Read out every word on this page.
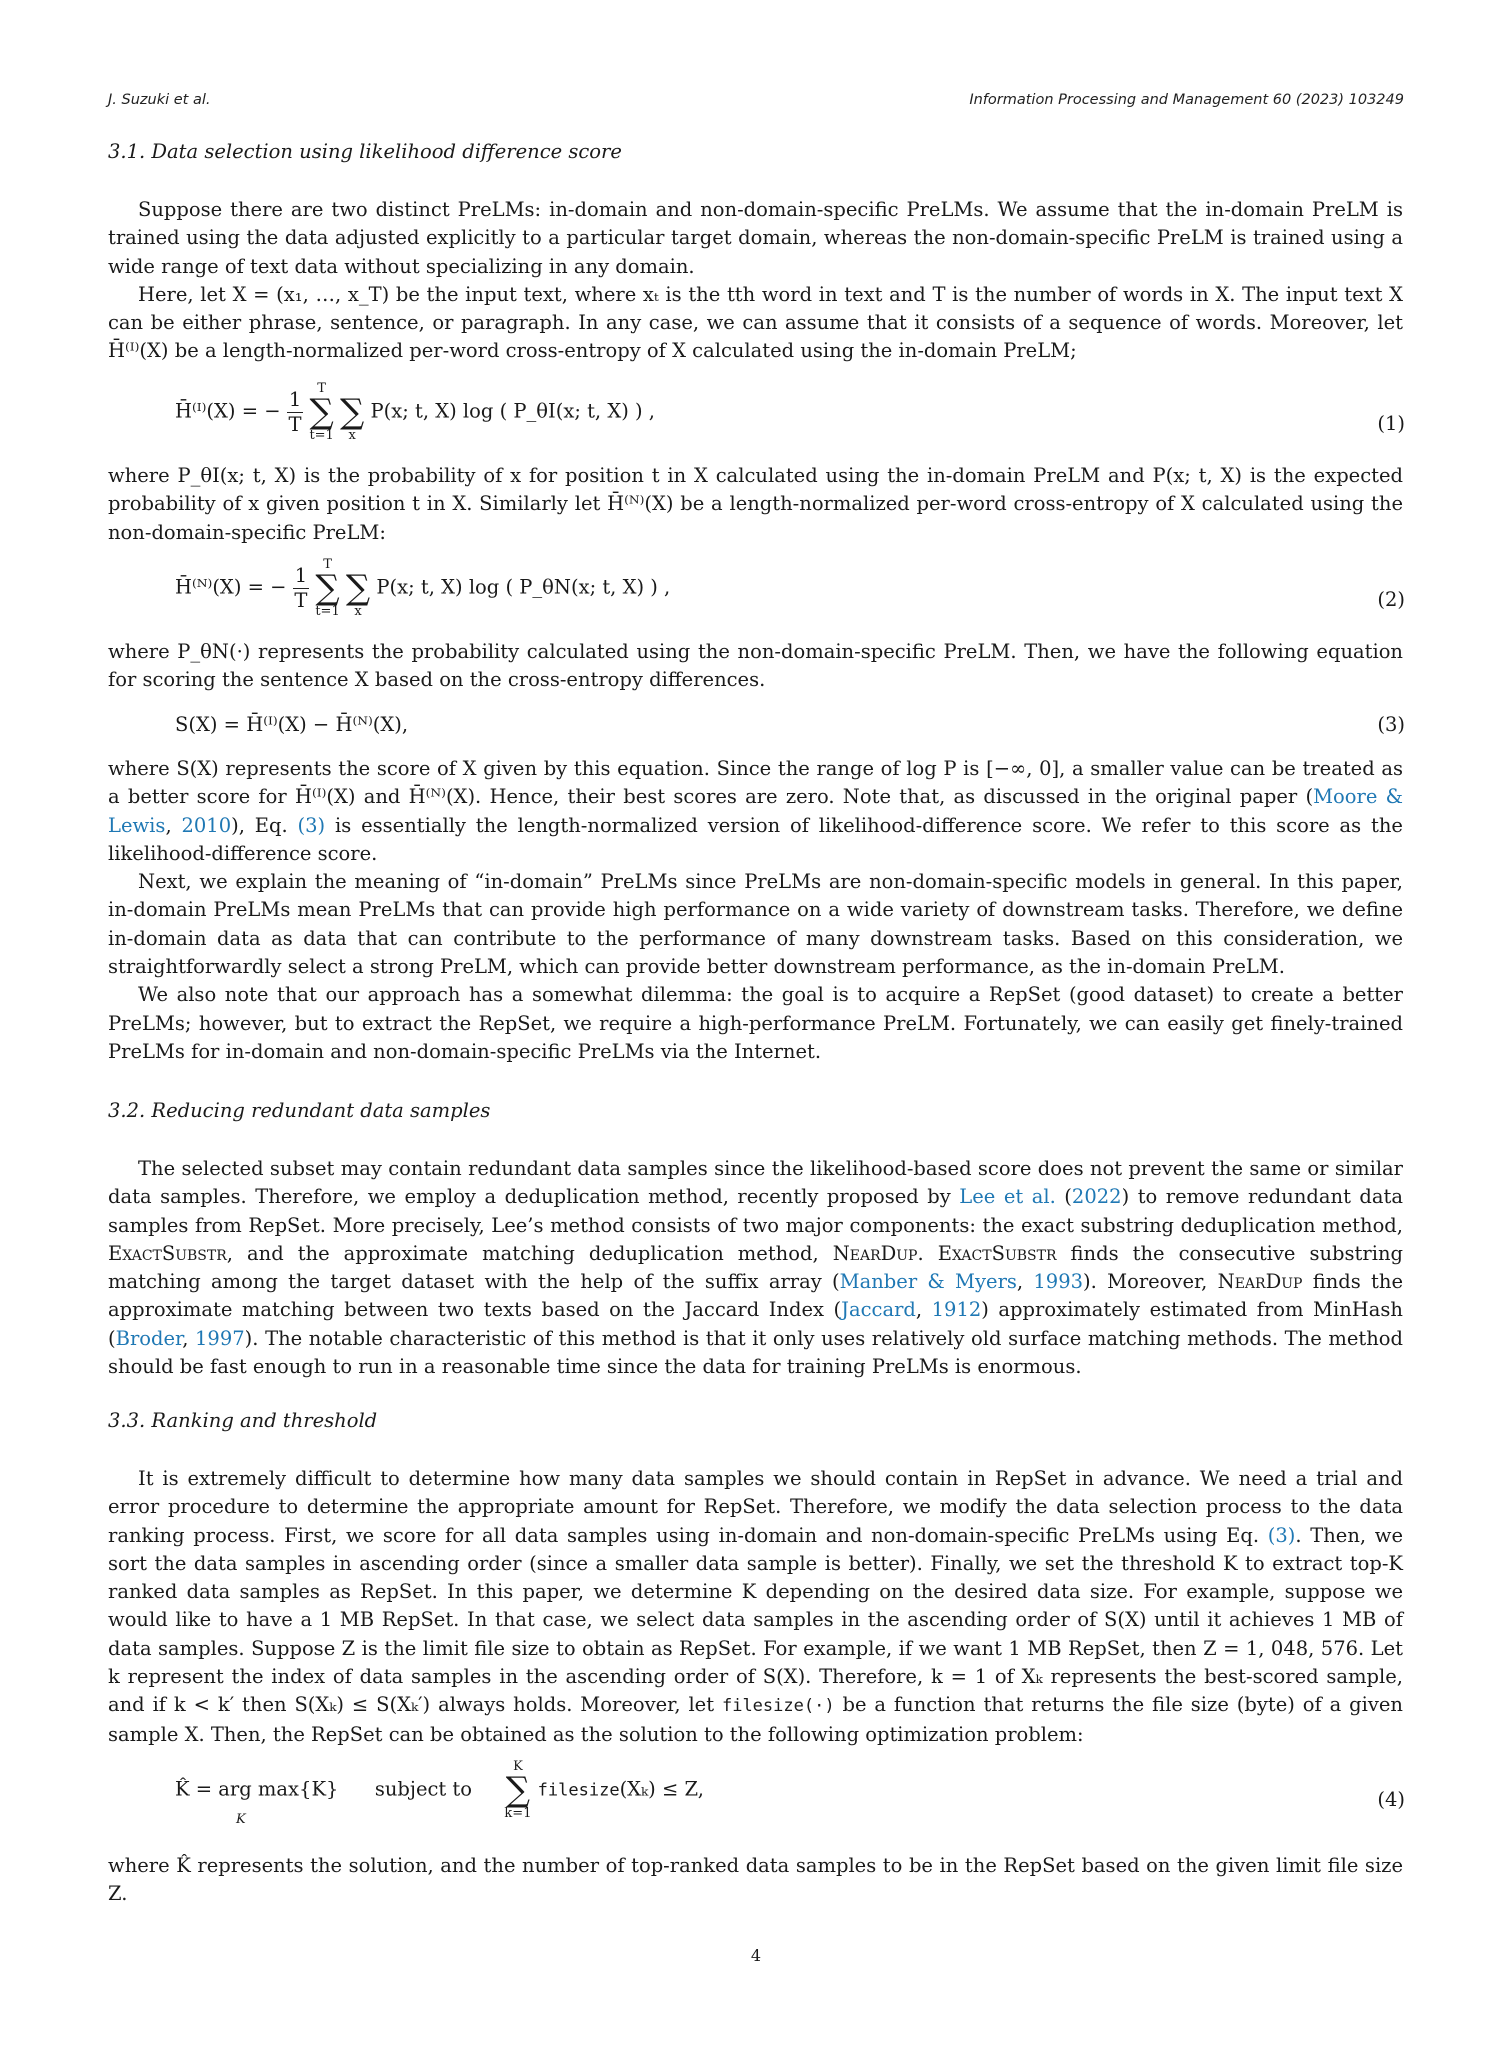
J. Suzuki et al.	Information Processing and Management 60 (2023) 103249
3.1. Data selection using likelihood difference score

Suppose there are two distinct PreLMs: in-domain and non-domain-specific PreLMs. We assume that the in-domain PreLM is trained using the data adjusted explicitly to a particular target domain, whereas the non-domain-specific PreLM is trained using a wide range of text data without specializing in any domain.

Here, let X = (x₁, …, x_T) be the input text, where xₜ is the tth word in text and T is the number of words in X. The input text X can be either phrase, sentence, or paragraph. In any case, we can assume that it consists of a sequence of words. Moreover, let H̄⁽ᴵ⁾(X) be a length-normalized per-word cross-entropy of X calculated using the in-domain PreLM;

H̄⁽ᴵ⁾(X) = − $\frac{1}{T}$

T
∑
t=1

∑
x
P(x; t, X) log ( P_θI(x; t, X) ) ,
(1)

where P_θI(x; t, X) is the probability of x for position t in X calculated using the in-domain PreLM and P(x; t, X) is the expected probability of x given position t in X. Similarly let H̄⁽ᴺ⁾(X) be a length-normalized per-word cross-entropy of X calculated using the non-domain-specific PreLM:

H̄⁽ᴺ⁾(X) = − $\frac{1}{T}$

T
∑
t=1

∑
x
P(x; t, X) log ( P_θN(x; t, X) ) ,
(2)

where P_θN(·) represents the probability calculated using the non-domain-specific PreLM. Then, we have the following equation for scoring the sentence X based on the cross-entropy differences.

S(X) = H̄⁽ᴵ⁾(X) − H̄⁽ᴺ⁾(X),	(3)

where S(X) represents the score of X given by this equation. Since the range of log P is [−∞, 0], a smaller value can be treated as a better score for H̄⁽ᴵ⁾(X) and H̄⁽ᴺ⁾(X). Hence, their best scores are zero. Note that, as discussed in the original paper (Moore & Lewis, 2010), Eq. (3) is essentially the length-normalized version of likelihood-difference score. We refer to this score as the likelihood-difference score.

Next, we explain the meaning of “in-domain” PreLMs since PreLMs are non-domain-specific models in general. In this paper, in-domain PreLMs mean PreLMs that can provide high performance on a wide variety of downstream tasks. Therefore, we define in-domain data as data that can contribute to the performance of many downstream tasks. Based on this consideration, we straightforwardly select a strong PreLM, which can provide better downstream performance, as the in-domain PreLM.

We also note that our approach has a somewhat dilemma: the goal is to acquire a RepSet (good dataset) to create a better PreLMs; however, but to extract the RepSet, we require a high-performance PreLM. Fortunately, we can easily get finely-trained PreLMs for in-domain and non-domain-specific PreLMs via the Internet.

3.2. Reducing redundant data samples

The selected subset may contain redundant data samples since the likelihood-based score does not prevent the same or similar data samples. Therefore, we employ a deduplication method, recently proposed by Lee et al. (2022) to remove redundant data samples from RepSet. More precisely, Lee’s method consists of two major components: the exact substring deduplication method, ExactSubstr, and the approximate matching deduplication method, NearDup. ExactSubstr finds the consecutive substring matching among the target dataset with the help of the suffix array (Manber & Myers, 1993). Moreover, NearDup finds the approximate matching between two texts based on the Jaccard Index (Jaccard, 1912) approximately estimated from MinHash (Broder, 1997). The notable characteristic of this method is that it only uses relatively old surface matching methods. The method should be fast enough to run in a reasonable time since the data for training PreLMs is enormous.

3.3. Ranking and threshold

It is extremely difficult to determine how many data samples we should contain in RepSet in advance. We need a trial and error procedure to determine the appropriate amount for RepSet. Therefore, we modify the data selection process to the data ranking process. First, we score for all data samples using in-domain and non-domain-specific PreLMs using Eq. (3). Then, we sort the data samples in ascending order (since a smaller data sample is better). Finally, we set the threshold K to extract top-K ranked data samples as RepSet. In this paper, we determine K depending on the desired data size. For example, suppose we would like to have a 1 MB RepSet. In that case, we select data samples in the ascending order of S(X) until it achieves 1 MB of data samples. Suppose Z is the limit file size to obtain as RepSet. For example, if we want 1 MB RepSet, then Z = 1, 048, 576. Let k represent the index of data samples in the ascending order of S(X). Therefore, k = 1 of Xₖ represents the best-scored sample, and if k < k′ then S(Xₖ) ≤ S(Xₖ′) always holds. Moreover, let filesize(·) be a function that returns the file size (byte) of a given sample X. Then, the RepSet can be obtained as the solution to the following optimization problem:

K̂ = arg max{K} subject to
K
∑
k=1
filesize(Xₖ) ≤ Z,	(4)
K

where K̂ represents the solution, and the number of top-ranked data samples to be in the RepSet based on the given limit file size Z.

4
